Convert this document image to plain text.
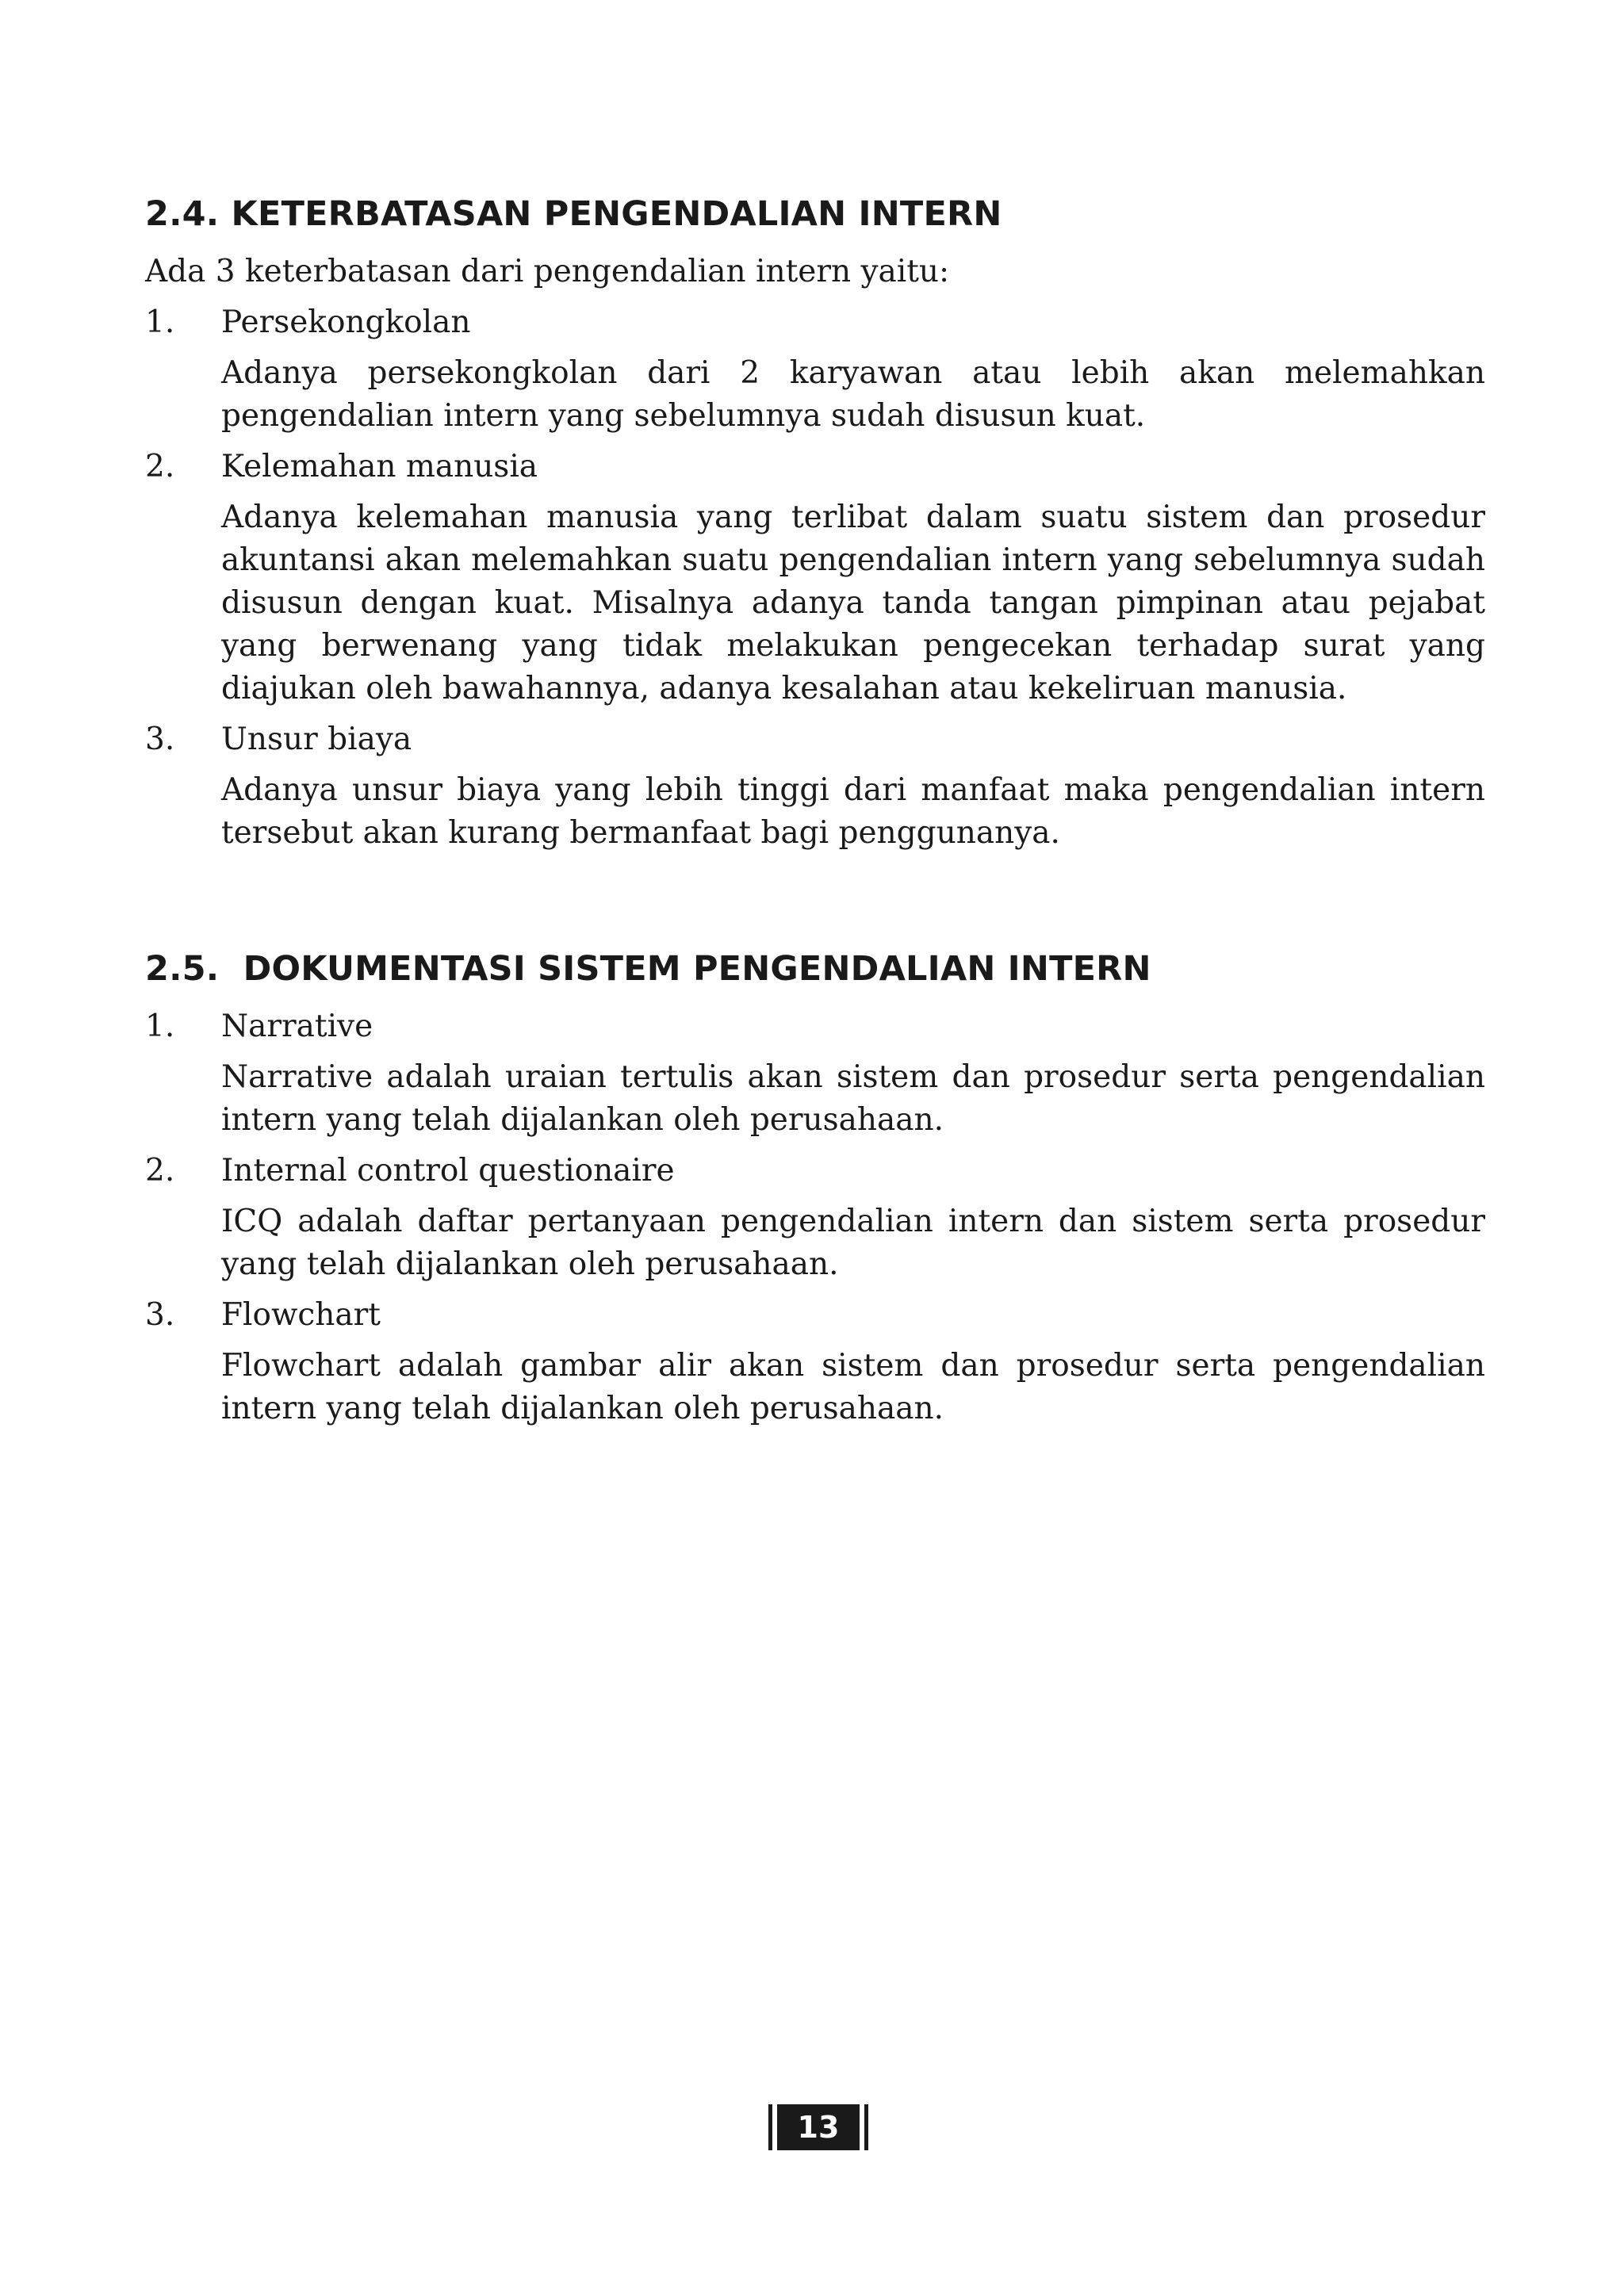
2.4. KETERBATASAN PENGENDALIAN INTERN

Ada 3 keterbatasan dari pengendalian intern yaitu:

1. Persekongkolan

Adanya persekongkolan dari 2 karyawan atau lebih akan melemahkan pengendalian intern yang sebelumnya sudah disusun kuat.

2. Kelemahan manusia

Adanya kelemahan manusia yang terlibat dalam suatu sistem dan prosedur akuntansi akan melemahkan suatu pengendalian intern yang sebelumnya sudah disusun dengan kuat. Misalnya adanya tanda tangan pimpinan atau pejabat yang berwenang yang tidak melakukan pengecekan terhadap surat yang diajukan oleh bawahannya, adanya kesalahan atau kekeliruan manusia.

3. Unsur biaya

Adanya unsur biaya yang lebih tinggi dari manfaat maka pengendalian intern tersebut akan kurang bermanfaat bagi penggunanya.

2.5.  DOKUMENTASI SISTEM PENGENDALIAN INTERN
1. Narrative

Narrative adalah uraian tertulis akan sistem dan prosedur serta pengendalian intern yang telah dijalankan oleh perusahaan.

2. Internal control questionaire

ICQ adalah daftar pertanyaan pengendalian intern dan sistem serta prosedur yang telah dijalankan oleh perusahaan.

3. Flowchart

Flowchart adalah gambar alir akan sistem dan prosedur serta pengendalian intern yang telah dijalankan oleh perusahaan.

13
